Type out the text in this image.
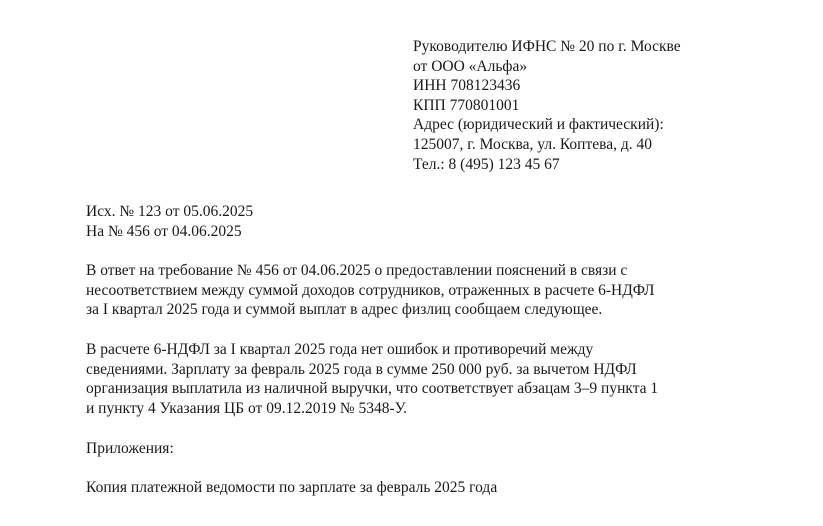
Руководителю ИФНС № 20 по г. Москве
от ООО «Альфа»
ИНН 708123436
КПП 770801001
Адрес (юридический и фактический):
125007, г. Москва, ул. Коптева, д. 40
Тел.: 8 (495) 123 45 67
Исх. № 123 от 05.06.2025
На № 456 от 04.06.2025
В ответ на требование № 456 от 04.06.2025 о предоставлении пояснений в связи с
несоответствием между суммой доходов сотрудников, отраженных в расчете 6-НДФЛ
за I квартал 2025 года и суммой выплат в адрес физлиц сообщаем следующее.
В расчете 6-НДФЛ за I квартал 2025 года нет ошибок и противоречий между
сведениями. Зарплату за февраль 2025 года в сумме 250 000 руб. за вычетом НДФЛ
организация выплатила из наличной выручки, что соответствует абзацам 3–9 пункта 1
и пункту 4 Указания ЦБ от 09.12.2019 № 5348-У.
Приложения:
Копия платежной ведомости по зарплате за февраль 2025 года
